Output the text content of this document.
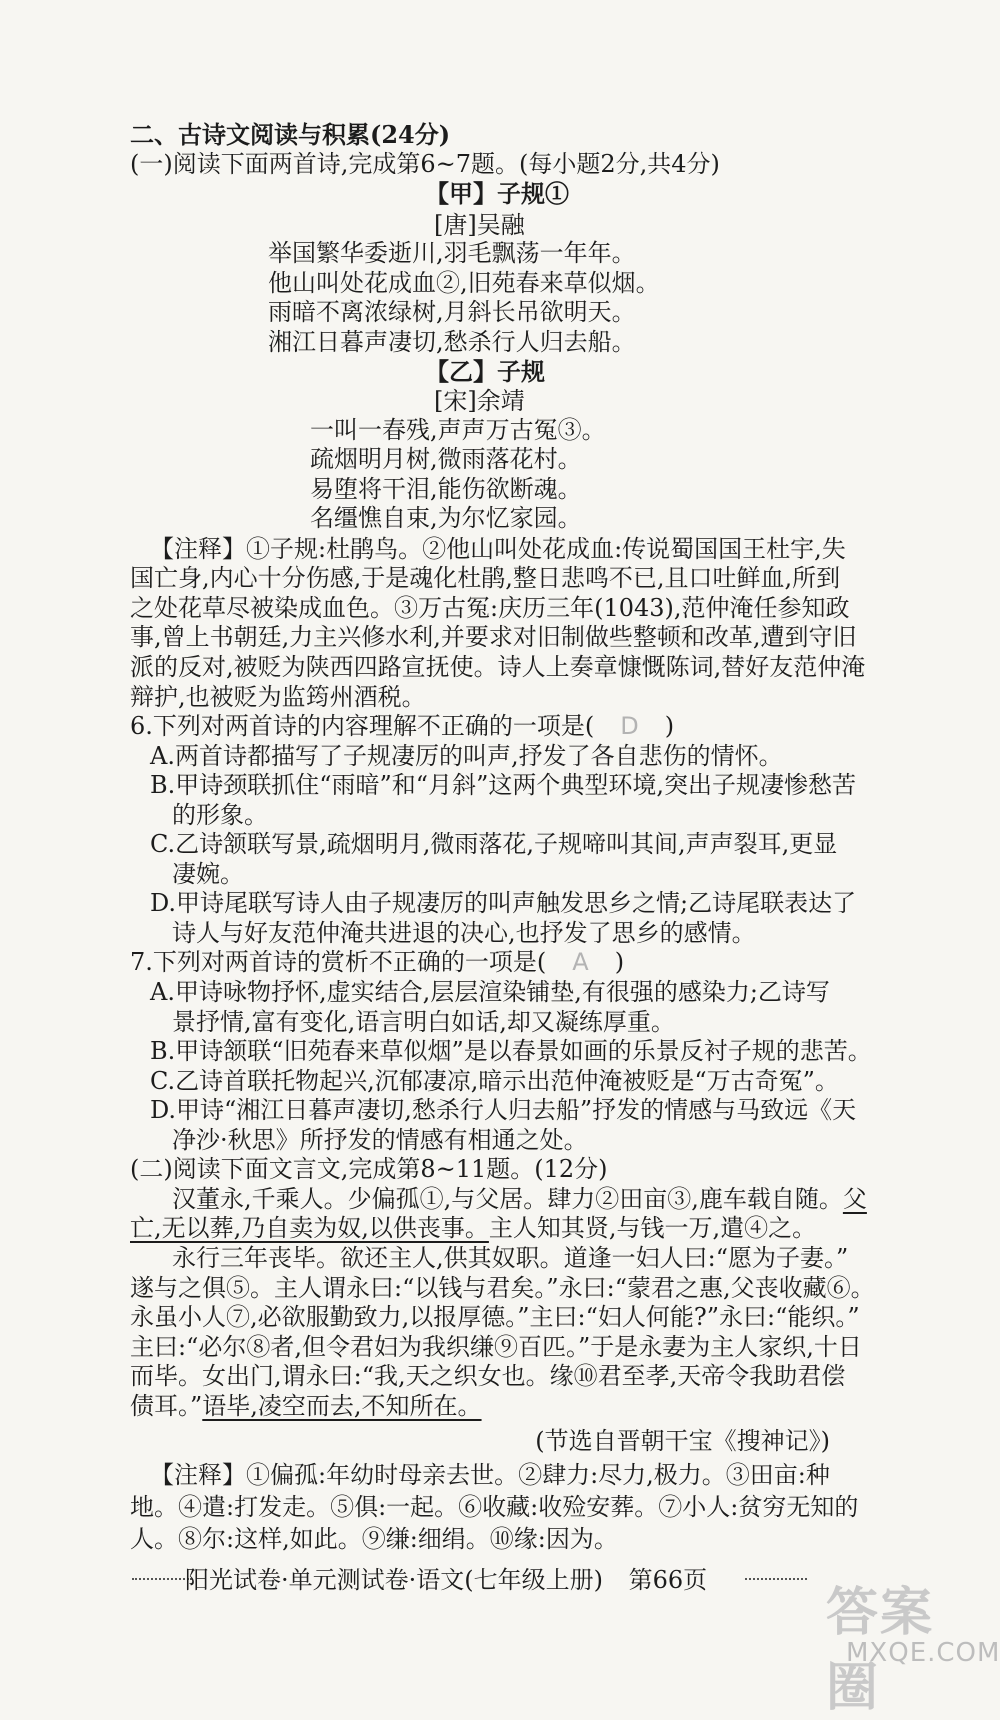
二、古诗文阅读与积累(24分)
(一)阅读下面两首诗,完成第6~7题。(每小题2分,共4分)
【甲】子规①
[唐]吴融
举国繁华委逝川,羽毛飘荡一年年。
他山叫处花成血②,旧苑春来草似烟。
雨暗不离浓绿树,月斜长吊欲明天。
湘江日暮声凄切,愁杀行人归去船。
【乙】子规
[宋]余靖
一叫一春残,声声万古冤③。
疏烟明月树,微雨落花村。
易堕将干泪,能伤欲断魂。
名缰憔自束,为尔忆家园。
【注释】①子规:杜鹃鸟。②他山叫处花成血:传说蜀国国王杜宇,失
国亡身,内心十分伤感,于是魂化杜鹃,整日悲鸣不已,且口吐鲜血,所到
之处花草尽被染成血色。③万古冤:庆历三年(1043),范仲淹任参知政
事,曾上书朝廷,力主兴修水利,并要求对旧制做些整顿和改革,遭到守旧
派的反对,被贬为陕西四路宣抚使。诗人上奏章慷慨陈词,替好友范仲淹
辩护,也被贬为监筠州酒税。
6.下列对两首诗的内容理解不正确的一项是( D )
A.两首诗都描写了子规凄厉的叫声,抒发了各自悲伤的情怀。
B.甲诗颈联抓住“雨暗”和“月斜”这两个典型环境,突出子规凄惨愁苦
的形象。
C.乙诗颔联写景,疏烟明月,微雨落花,子规啼叫其间,声声裂耳,更显
凄婉。
D.甲诗尾联写诗人由子规凄厉的叫声触发思乡之情;乙诗尾联表达了
诗人与好友范仲淹共进退的决心,也抒发了思乡的感情。
7.下列对两首诗的赏析不正确的一项是( A )
A.甲诗咏物抒怀,虚实结合,层层渲染铺垫,有很强的感染力;乙诗写
景抒情,富有变化,语言明白如话,却又凝练厚重。
B.甲诗颔联“旧苑春来草似烟”是以春景如画的乐景反衬子规的悲苦。
C.乙诗首联托物起兴,沉郁凄凉,暗示出范仲淹被贬是“万古奇冤”。
D.甲诗“湘江日暮声凄切,愁杀行人归去船”抒发的情感与马致远《天
净沙·秋思》所抒发的情感有相通之处。
(二)阅读下面文言文,完成第8~11题。(12分)
汉董永,千乘人。少偏孤①,与父居。肆力②田亩③,鹿车载自随。父
亡,无以葬,乃自卖为奴,以供丧事。主人知其贤,与钱一万,遣④之。
永行三年丧毕。欲还主人,供其奴职。道逢一妇人曰:“愿为子妻。”
遂与之俱⑤。主人谓永曰:“以钱与君矣。”永曰:“蒙君之惠,父丧收藏⑥。
永虽小人⑦,必欲服勤致力,以报厚德。”主曰:“妇人何能?”永曰:“能织。”
主曰:“必尔⑧者,但令君妇为我织缣⑨百匹。”于是永妻为主人家织,十日
而毕。女出门,谓永曰:“我,天之织女也。缘⑩君至孝,天帝令我助君偿
债耳。”语毕,凌空而去,不知所在。
(节选自晋朝干宝《搜神记》)
【注释】①偏孤:年幼时母亲去世。②肆力:尽力,极力。③田亩:种
地。④遣:打发走。⑤俱:一起。⑥收藏:收殓安葬。⑦小人:贫穷无知的
人。⑧尔:这样,如此。⑨缣:细绢。⑩缘:因为。
阳光试卷·单元测试卷·语文(七年级上册) 第66页
答案圈
MXQE.COM
